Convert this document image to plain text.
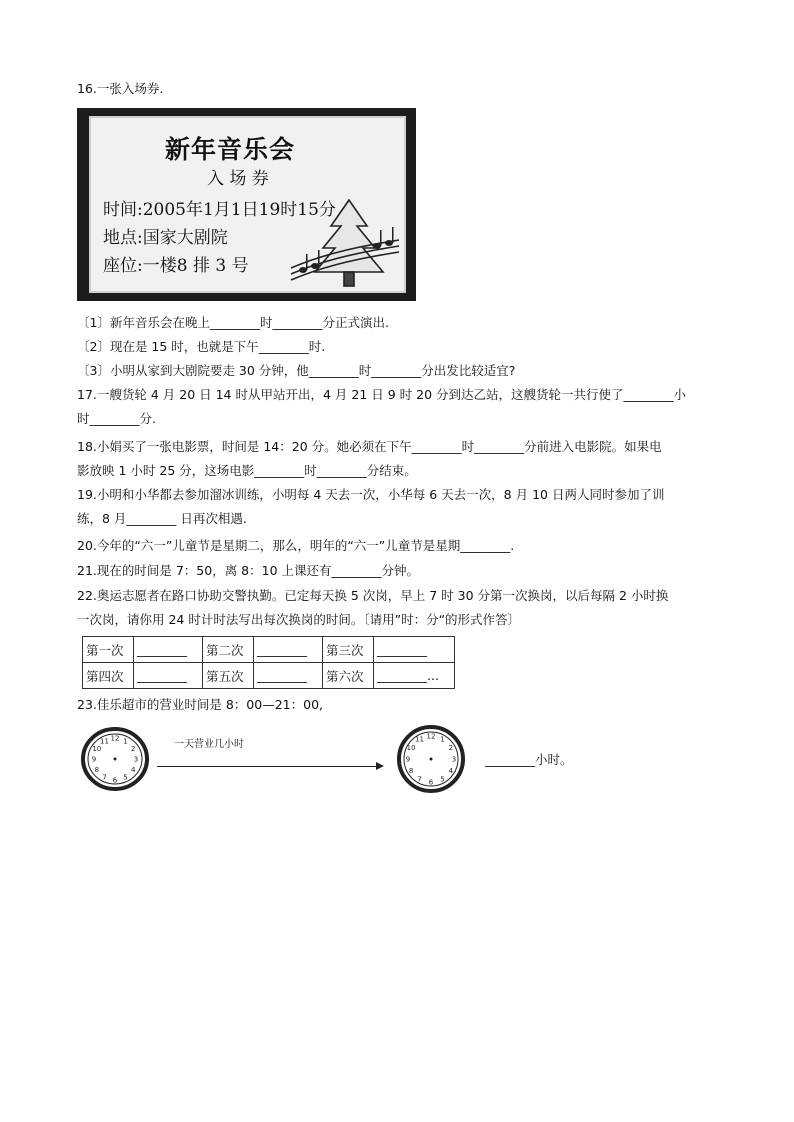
16.一张入场券.
新年音乐会
入 场 券
时间:2005年1月1日19时15分
地点:国家大剧院
座位:一楼8 排 3 号
〔1〕新年音乐会在晚上________时________分正式演出.
〔2〕现在是 15 时，也就是下午________时.
〔3〕小明从家到大剧院要走 30 分钟，他________时________分出发比较适宜?
17.一艘货轮 4 月 20 日 14 时从甲站开出，4 月 21 日 9 时 20 分到达乙站，这艘货轮一共行使了________小
时________分.
18.小娟买了一张电影票，时间是 14：20 分。她必须在下午________时________分前进入电影院。如果电
影放映 1 小时 25 分，这场电影________时________分结束。
19.小明和小华都去参加溜冰训练，小明每 4 天去一次，小华每 6 天去一次，8 月 10 日两人同时参加了训
练，8 月________ 日再次相遇.
20.今年的“六一”儿童节是星期二，那么，明年的“六一”儿童节是星期________.
21.现在的时间是 7：50，离 8：10 上课还有________分钟。
22.奥运志愿者在路口协助交警执勤。已定每天换 5 次岗，早上 7 时 30 分第一次换岗，以后每隔 2 小时换
一次岗，请你用 24 时计时法写出每次换岗的时间。〔请用”时：分“的形式作答〕
第一次	________	第二次	________	第三次	________
第四次	________	第五次	________	第六次	________...
23.佳乐超市的营业时间是 8：00—21：00,
12 1
2
3
4
5
6
7
8
9
10
11	一天营业几小时
12 1
2
3
4
5
6
7
8
9
10
11
________小时。
